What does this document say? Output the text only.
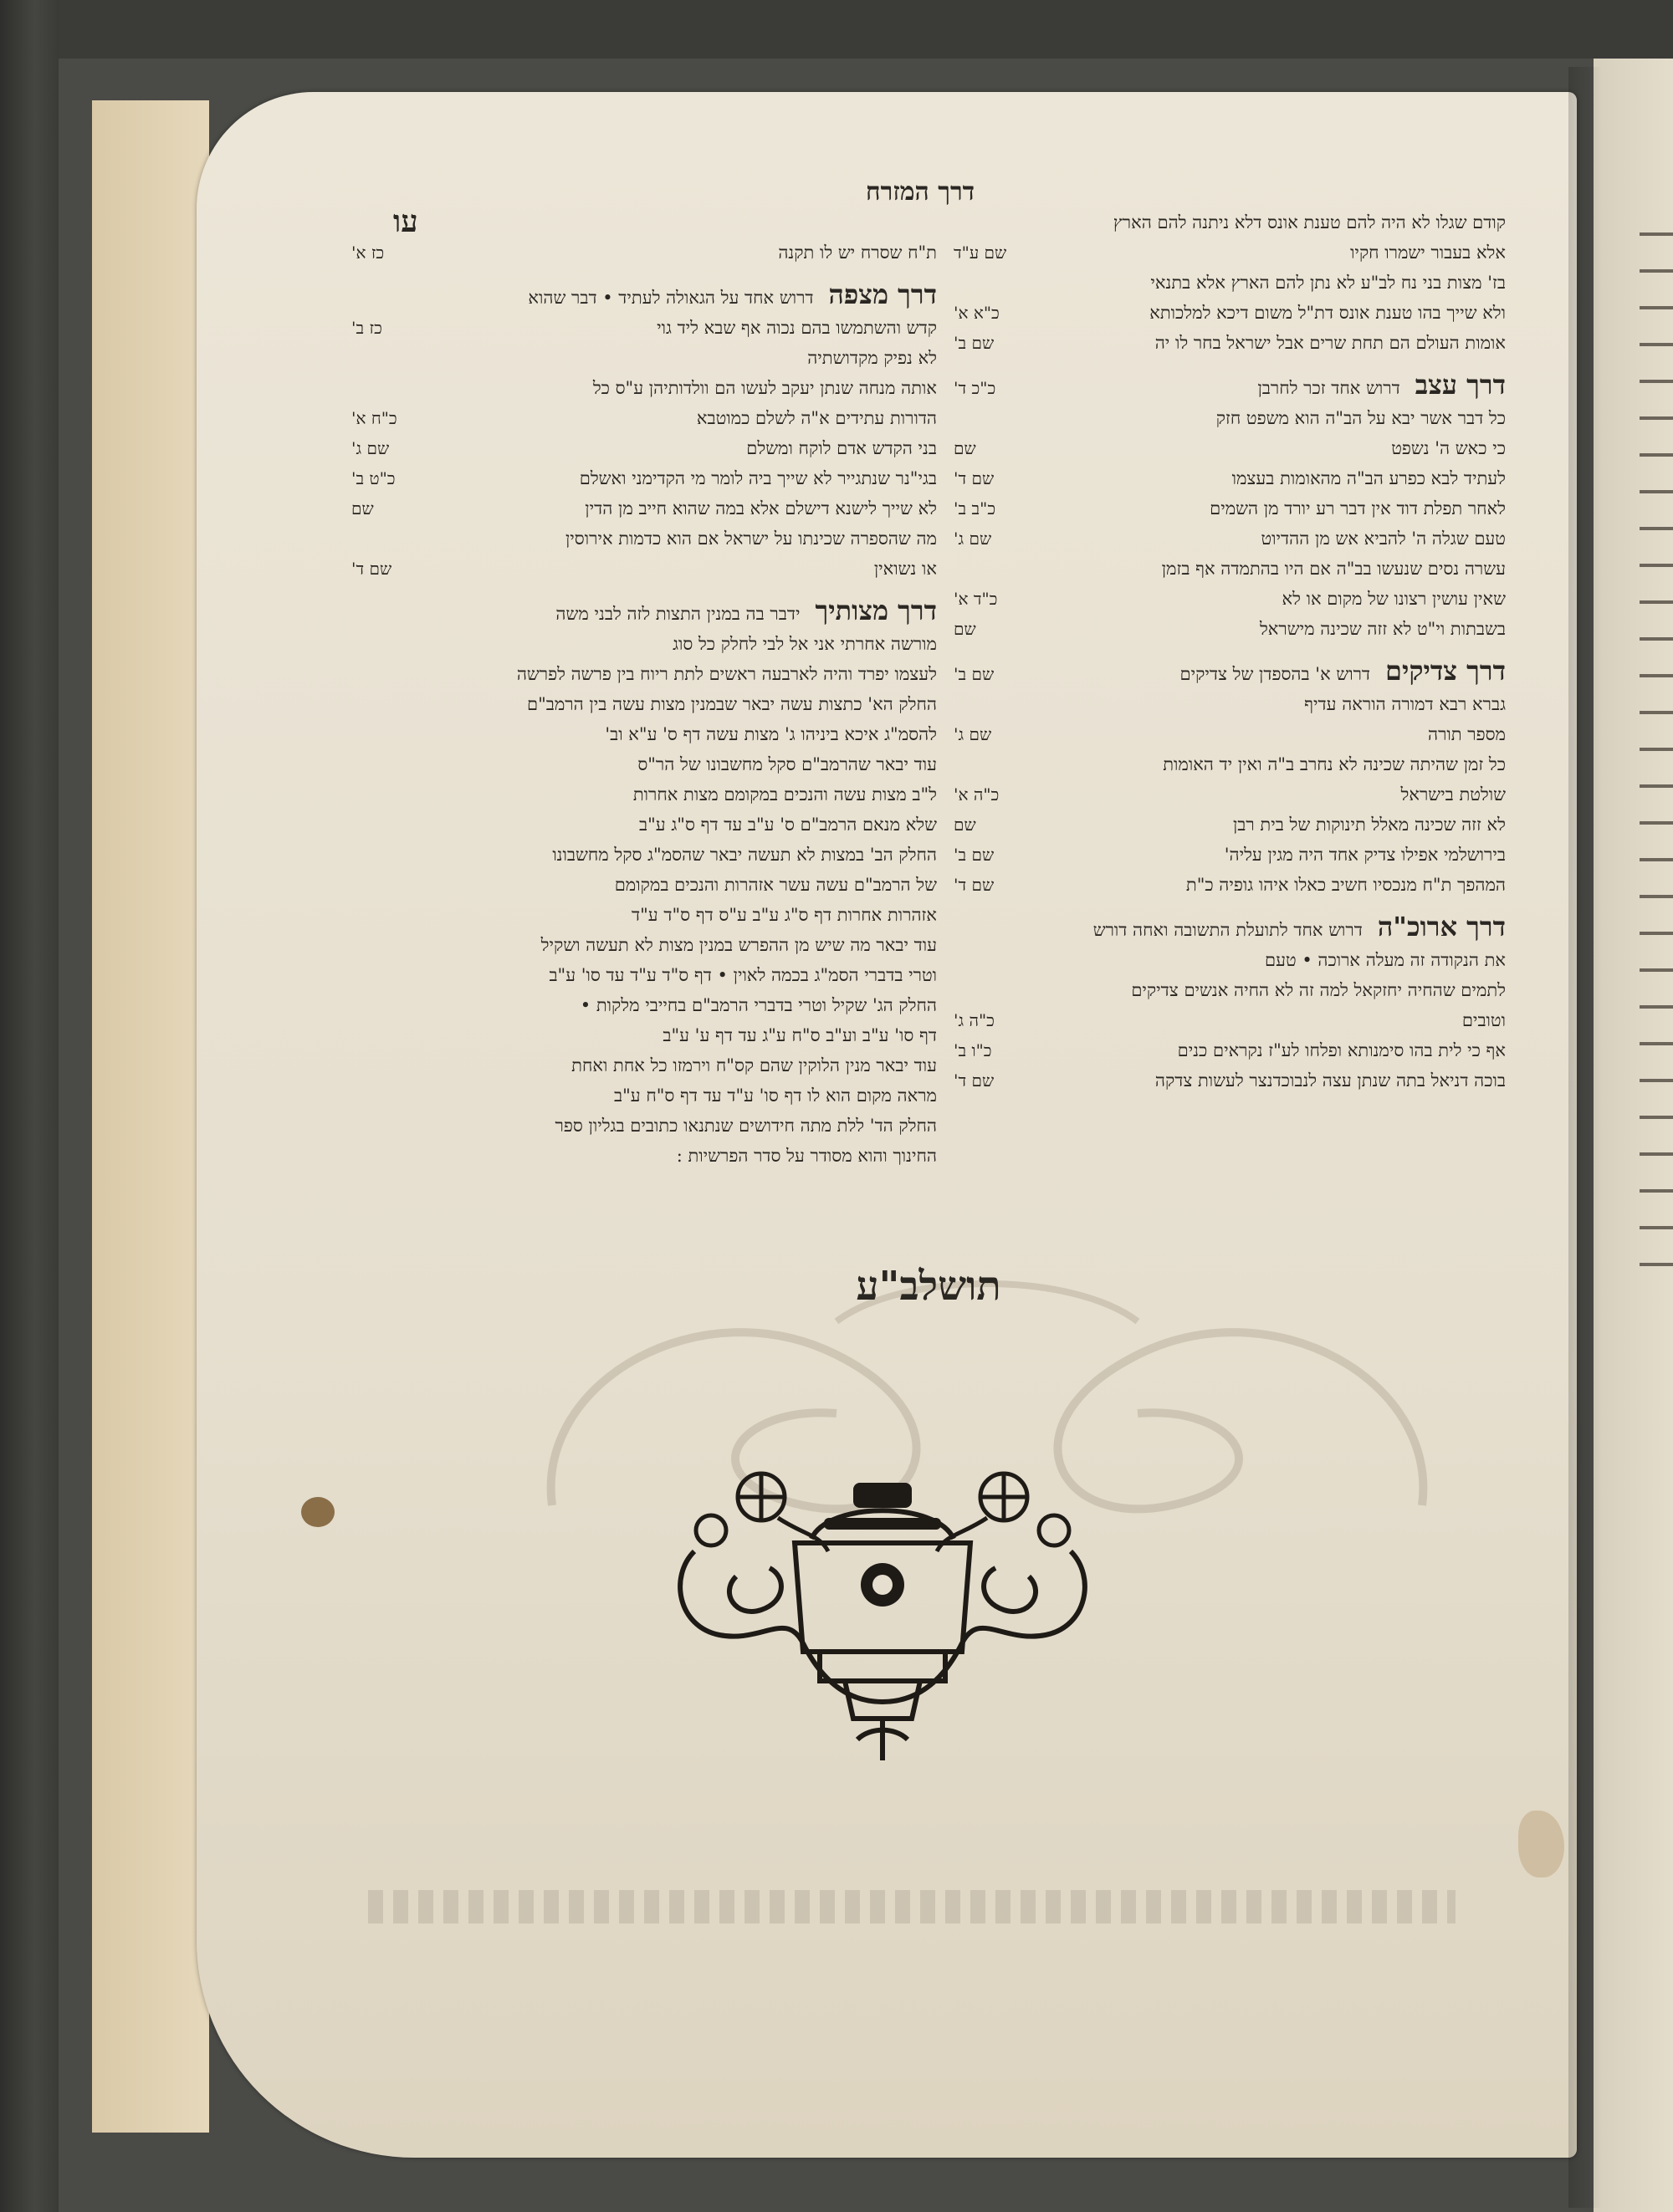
דרך המזרח
עו	קודם שגלו לא היה להם טענת אונס דלא ניתנה להם הארץ
אלא בעבור ישמרו חקיו
שם ע"ד
בז' מצות בני נח לב"ע לא נתן להם הארץ אלא בתנאי
ולא שייך בהו טענת אונס דת"ל משום דיכא למלכותא
כ"א א'
אומות העולם הם תחת שרים אבל ישראל בחר לו יה
שם ב'
דרך עצב
דרוש אחד זכר לחרבן
כ"כ ד'
כל דבר אשר יבא על הב"ה הוא משפט חזק
כי כאש ה' נשפט
שם
לעתיד לבא כפרע הב"ה מהאומות בעצמו
שם ד'
לאחר תפלת דוד אין דבר רע יורד מן השמים
כ"ב ב'
טעם שגלה ה' להביא אש מן ההדיוט
שם ג'
עשרה נסים שנעשו בב"ה אם היו בהתמדה אף בזמן
שאין עושין רצונו של מקום או לא
כ"ד א'
בשבתות וי"ט לא זזה שכינה מישראל
שם
דרך צדיקים
דרוש א' בהספדן של צדיקים
שם ב'
גברא רבא דמורה הוראה עדיף
מספר תורה
שם ג'
כל זמן שהיתה שכינה לא נחרב ב"ה ואין יד האומות
שולטת בישראל
כ"ה א'
לא זזה שכינה מאלל תינוקות של בית רבן
שם
בירושלמי אפילו צדיק אחד היה מגין עליה'
שם ב'
המהפך ת"ח מנכסיו חשיב כאלו איהו גופיה כ"ת
שם ד'
דרך ארוכ"ה
דרוש אחד לתועלת התשובה ואחה דורש
את הנקודה זה מעלה ארוכה • טעם
לתמים שהחיה יחזקאל למה זה לא החיה אנשים צדיקים
וטובים
כ"ה ג'
אף כי לית בהו סימנותא ופלחו לע"ז נקראים כנים
כ"ו ב'
בוכה דניאל בתה שנתן עצה לנבוכדנצר לעשות צדקה
שם ד'
ת"ח שסרח יש לו תקנה
כז א'
דרך מצפה
דרוש אחד על הגאולה לעתיד • דבר שהוא
קדש והשתמשו בהם נכוה אף שבא ליד גוי
כז ב'
לא נפיק מקדושתיה
אותה מנחה שנתן יעקב לעשו הם וולדותיהן ע"ס כל
הדורות עתידים א"ה לשלם כמוטבא
כ"ח א'
בני הקדש אדם לוקח ומשלם
שם ג'
בגי"נר שנתגייר לא שייך ביה לומר מי הקדימני ואשלם
כ"ט ב'
לא שייך לישנא דישלם אלא במה שהוא חייב מן הדין
שם
מה שהספרה שכינתו על ישראל אם הוא כדמות אירוסין
או נשואין
שם ד'
דרך מצותיך
ידבר בה במנין התצות לזה לבני משה
מורשה אחרתי אני אל לבי לחלק כל סוג
לעצמו יפרד והיה לארבעה ראשים לתת ריוח בין פרשה לפרשה
החלק הא' כתצות עשה יבאר שבמנין מצות עשה בין הרמב"ם
להסמ"ג איכא ביניהו ג' מצות עשה דף ס' ע"א וב'
עוד יבאר שהרמב"ם סקל מחשבונו של הר"ס
ל"ב מצות עשה והנכים במקומם מצות אחרות
שלא מנאם הרמב"ם ס' ע"ב עד דף ס"ג ע"ב
החלק הב' במצות לא תעשה יבאר שהסמ"ג סקל מחשבונו
של הרמב"ם עשה עשר אזהרות והנכים במקומם
אזהרות אחרות דף ס"ג ע"ב ע"ס דף ס"ד ע"ד
עוד יבאר מה שיש מן ההפרש במנין מצות לא תעשה ושקיל
וטרי בדברי הסמ"ג בכמה לאוין • דף ס"ד ע"ד עד סו' ע"ב
החלק הג' שקיל וטרי בדברי הרמב"ם בחייבי מלקות •
דף סו' ע"ב וע"ב ס"ח ע"ג עד דף ע' ע"ב
עוד יבאר מנין הלוקין שהם קס"ח וירמזו כל אחת ואחת
מראה מקום הוא לו דף סו' ע"ד עד דף ס"ח ע"ב
החלק הד' ללת מתה חידושים שנתנאו כתובים בגליון ספר
החינוך והוא מסודר על סדר הפרשיות :
תושלב"ע
